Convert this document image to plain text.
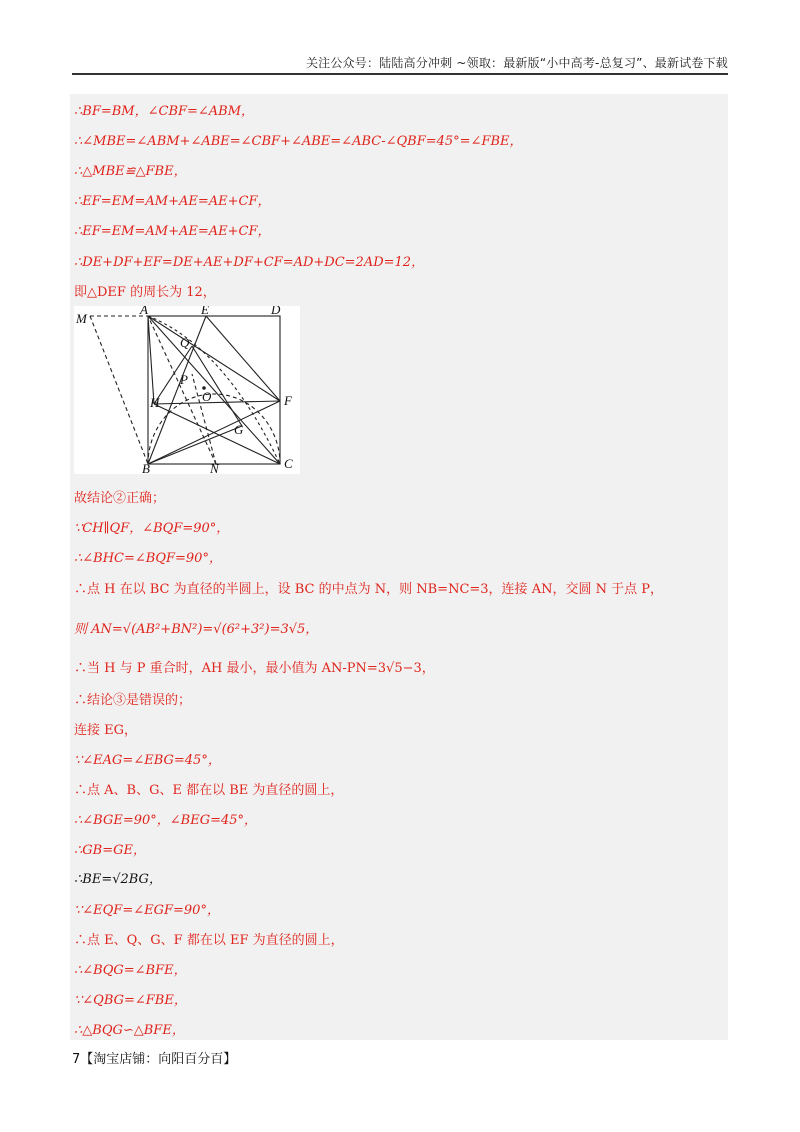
关注公众号：陆陆高分冲刺 ~领取：最新版“小中高考-总复习”、最新试卷下载
∴BF=BM，∠CBF=∠ABM，
∴∠MBE=∠ABM+∠ABE=∠CBF+∠ABE=∠ABC-∠QBF=45°=∠FBE，
∴△MBE≌△FBE，
∴EF=EM=AM+AE=AE+CF，
∴EF=EM=AM+AE=AE+CF，
∴DE+DF+EF=DE+AE+DF+CF=AD+DC=2AD=12，
即△DEF 的周长为 12，
M
A	E	D
Q
P
O
H	F
G
B	N	C
故结论②正确；
∵CH∥QF，∠BQF=90°，
∴∠BHC=∠BQF=90°，
∴点 H 在以 BC 为直径的半圆上，设 BC 的中点为 N，则 NB=NC=3，连接 AN，交圆 N 于点 P，
则 AN=√(AB²+BN²)=√(6²+3²)=3√5，
∴当 H 与 P 重合时，AH 最小，最小值为 AN-PN=3√5−3，
∴结论③是错误的；
连接 EG，
∵∠EAG=∠EBG=45°，
∴点 A、B、G、E 都在以 BE 为直径的圆上，
∴∠BGE=90°，∠BEG=45°，
∴GB=GE，
∴BE=√2BG，
∵∠EQF=∠EGF=90°，
∴点 E、Q、G、F 都在以 EF 为直径的圆上，
∴∠BQG=∠BFE，
∵∠QBG=∠FBE，
∴△BQG∽△BFE，
7【淘宝店铺：向阳百分百】
